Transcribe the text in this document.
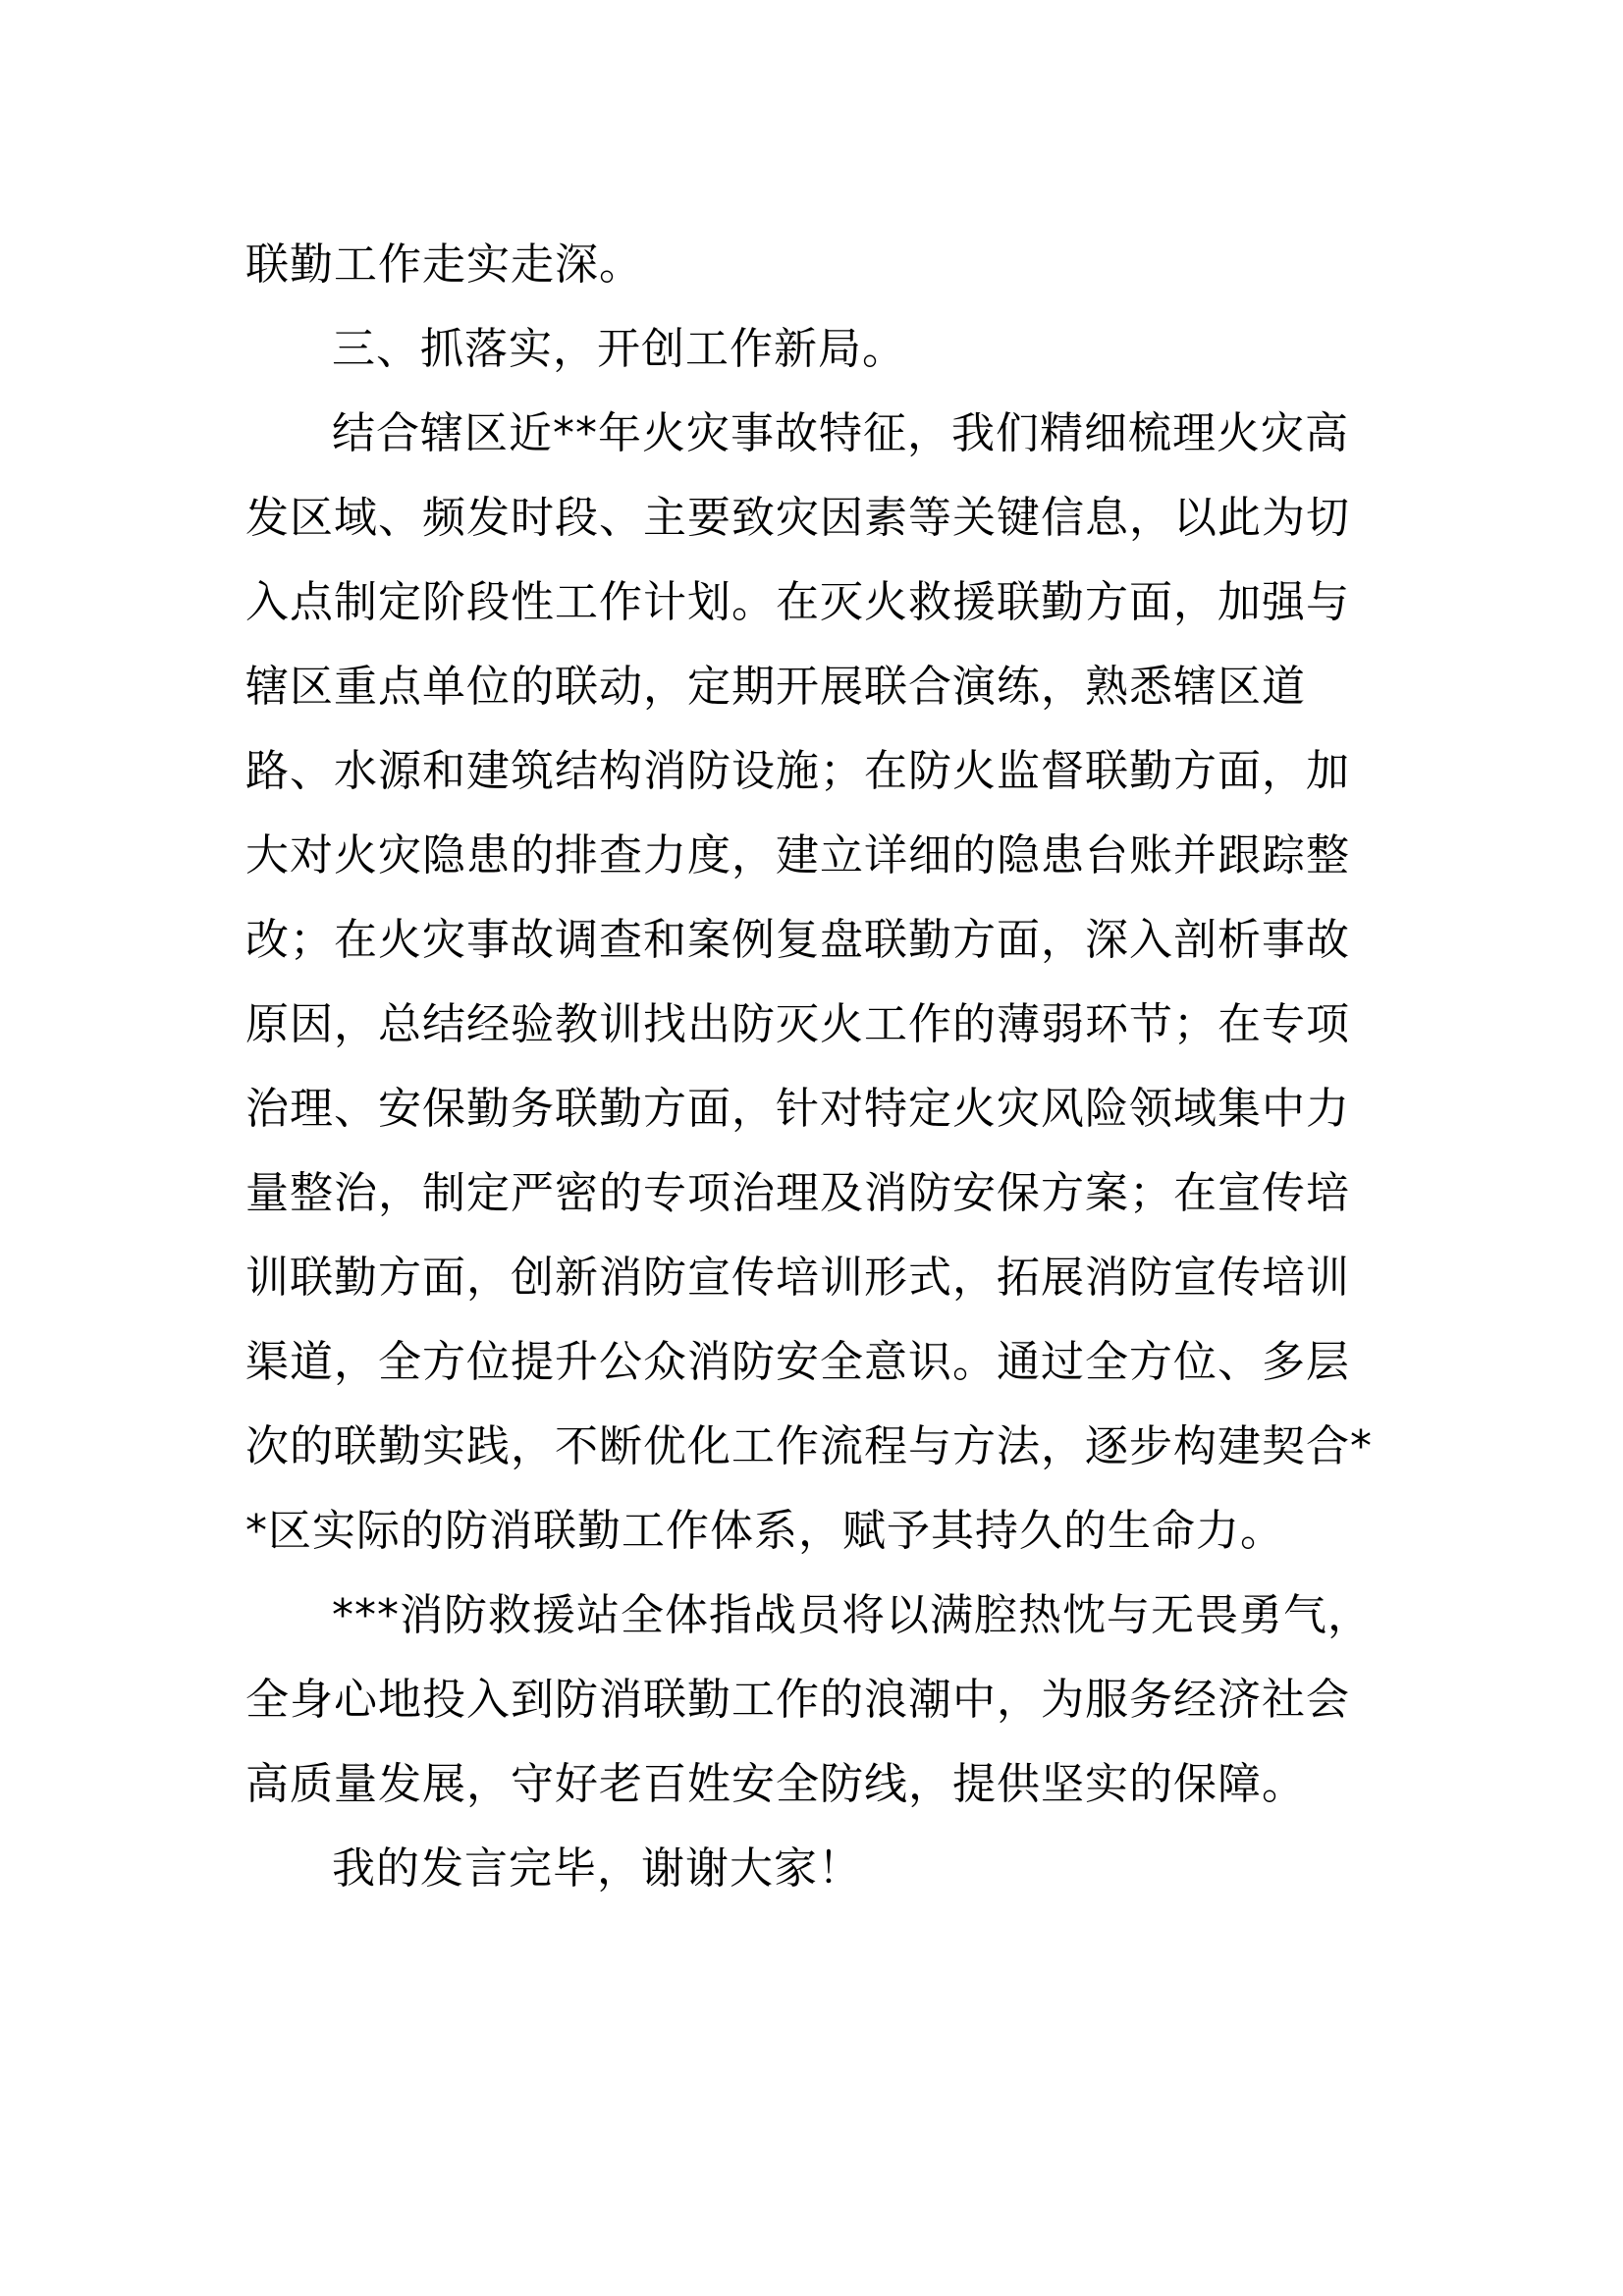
联勤工作走实走深。
三、抓落实，开创工作新局。
结合辖区近**年火灾事故特征，我们精细梳理火灾高
发区域、频发时段、主要致灾因素等关键信息，以此为切
入点制定阶段性工作计划。在灭火救援联勤方面，加强与
辖区重点单位的联动，定期开展联合演练，熟悉辖区道
路、水源和建筑结构消防设施；在防火监督联勤方面，加
大对火灾隐患的排查力度，建立详细的隐患台账并跟踪整
改；在火灾事故调查和案例复盘联勤方面，深入剖析事故
原因，总结经验教训找出防灭火工作的薄弱环节；在专项
治理、安保勤务联勤方面，针对特定火灾风险领域集中力
量整治，制定严密的专项治理及消防安保方案；在宣传培
训联勤方面，创新消防宣传培训形式，拓展消防宣传培训
渠道，全方位提升公众消防安全意识。通过全方位、多层
次的联勤实践，不断优化工作流程与方法，逐步构建契合*
*区实际的防消联勤工作体系，赋予其持久的生命力。
***消防救援站全体指战员将以满腔热忱与无畏勇气，
全身心地投入到防消联勤工作的浪潮中，为服务经济社会
高质量发展，守好老百姓安全防线，提供坚实的保障。
我的发言完毕，谢谢大家！
